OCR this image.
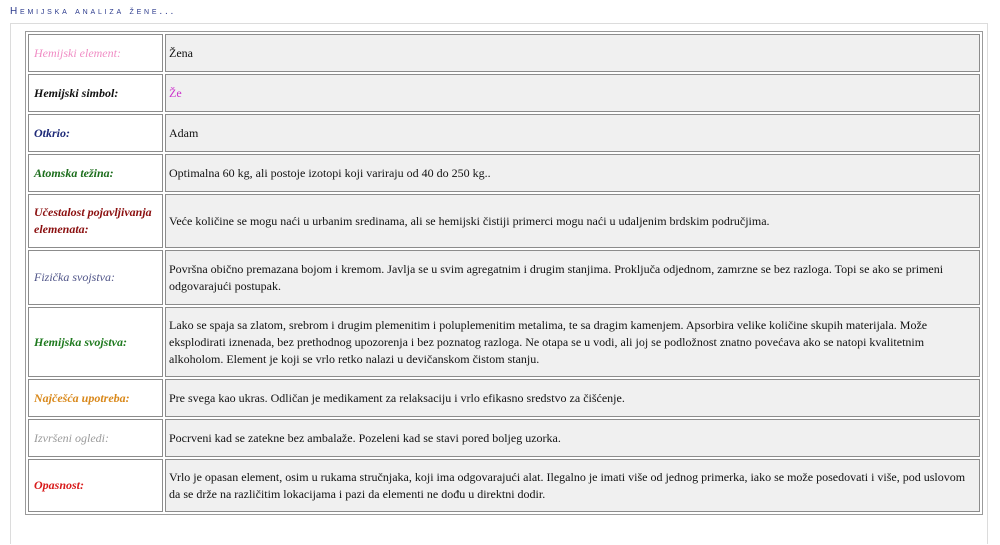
Hemijska analiza žene...
Hemijski element:	Žena
Hemijski simbol:	Že
Otkrio:	Adam
Atomska težina:	Optimalna 60 kg, ali postoje izotopi koji variraju od 40 do 250 kg..
Učestalost pojavljivanja elemenata:	Veće količine se mogu naći u urbanim sredinama, ali se hemijski čistiji primerci mogu naći u udaljenim brdskim područjima.
Fizička svojstva:	Površna obično premazana bojom i kremom. Javlja se u svim agregatnim i drugim stanjima. Proključa odjednom, zamrzne se bez razloga. Topi se ako se primeni odgovarajući postupak.
Hemijska svojstva:	Lako se spaja sa zlatom, srebrom i drugim plemenitim i poluplemenitim metalima, te sa dragim kamenjem. Apsorbira velike količine skupih materijala. Može eksplodirati iznenada, bez prethodnog upozorenja i bez poznatog razloga. Ne otapa se u vodi, ali joj se podložnost znatno povećava ako se natopi kvalitetnim alkoholom. Element je koji se vrlo retko nalazi u devičanskom čistom stanju.
Najčešća upotreba:	Pre svega kao ukras. Odličan je medikament za relaksaciju i vrlo efikasno sredstvo za čišćenje.
Izvršeni ogledi:	Pocrveni kad se zatekne bez ambalaže. Pozeleni kad se stavi pored boljeg uzorka.
Opasnost:	Vrlo je opasan element, osim u rukama stručnjaka, koji ima odgovarajući alat. Ilegalno je imati više od jednog primerka, iako se može posedovati i više, pod uslovom da se drže na različitim lokacijama i pazi da elementi ne dođu u direktni dodir.
